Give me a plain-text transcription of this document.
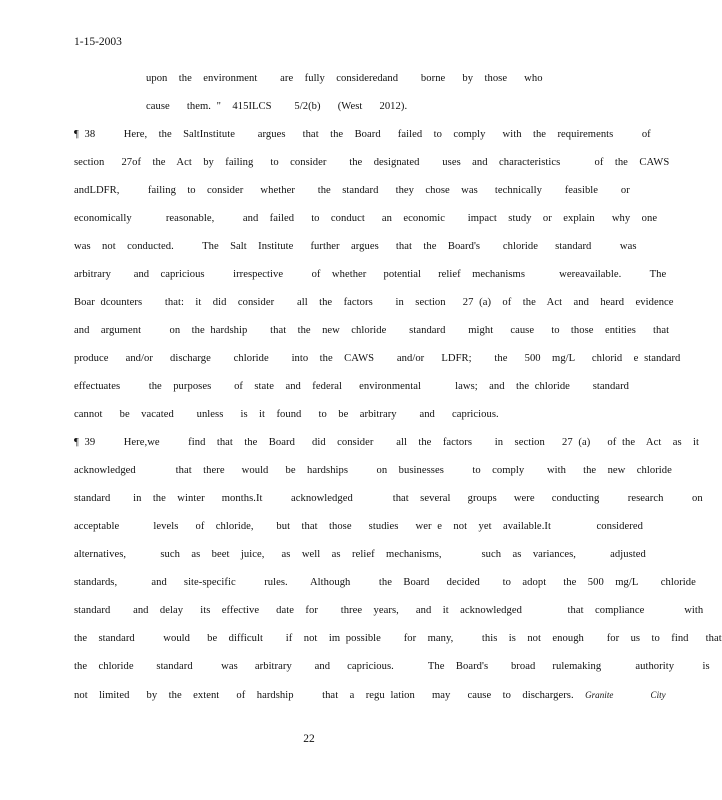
1-15-2003
upon  the  environment    are  fully  consideredand    borne   by  those   who
cause   them. "  415ILCS    5/2(b)   (West   2012).
¶ 38     Here,  the  SaltInstitute    argues   that  the  Board   failed  to  comply   with  the  requirements     of
section   27of  the  Act  by  failing   to  consider    the  designated    uses  and  characteristics      of  the  CAWS
andLDFR,     failing  to  consider   whether    the  standard   they  chose  was   technically    feasible    or
economically      reasonable,     and  failed   to  conduct   an  economic    impact  study  or  explain   why  one
was  not  conducted.     The  Salt  Institute   further  argues   that  the  Board's    chloride   standard     was
arbitrary    and  capricious     irrespective     of  whether   potential   relief  mechanisms      wereavailable.     The
Boar dcounters    that:  it  did  consider    all  the  factors    in  section   27 (a)  of  the  Act  and  heard  evidence
and  argument     on  the hardship    that  the  new  chloride    standard    might   cause   to  those  entities   that
produce   and/or   discharge    chloride    into  the  CAWS    and/or   LDFR;    the   500  mg/L   chlorid  e standard
effectuates     the  purposes    of  state  and  federal   environmental      laws;  and  the chloride    standard
cannot   be  vacated    unless   is  it  found   to  be  arbitrary    and   capricious.
¶ 39     Here,we     find  that  the  Board   did  consider    all  the  factors    in  section   27 (a)   of the  Act  as  it
acknowledged       that  there   would   be  hardships     on  businesses     to  comply    with   the  new  chloride
standard    in  the  winter   months.It     acknowledged       that  several   groups   were   conducting     research     on
acceptable      levels   of  chloride,    but  that  those   studies   wer e  not  yet  available.It        considered
alternatives,      such  as  beet  juice,   as  well  as  relief  mechanisms,       such  as  variances,      adjusted
standards,      and   site-specific     rules.    Although     the  Board   decided    to  adopt   the  500  mg/L    chloride
standard    and  delay   its  effective   date  for    three  years,   and  it  acknowledged        that  compliance       with
the  standard     would   be  difficult    if  not  im possible    for  many,     this  is  not  enough    for  us  to  find   that
the  chloride    standard     was   arbitrary    and   capricious.      The  Board's    broad   rulemaking      authority     is
not  limited   by  the  extent   of  hardship     that  a  regu lation   may   cause  to  dischargers. Granite       City
22
